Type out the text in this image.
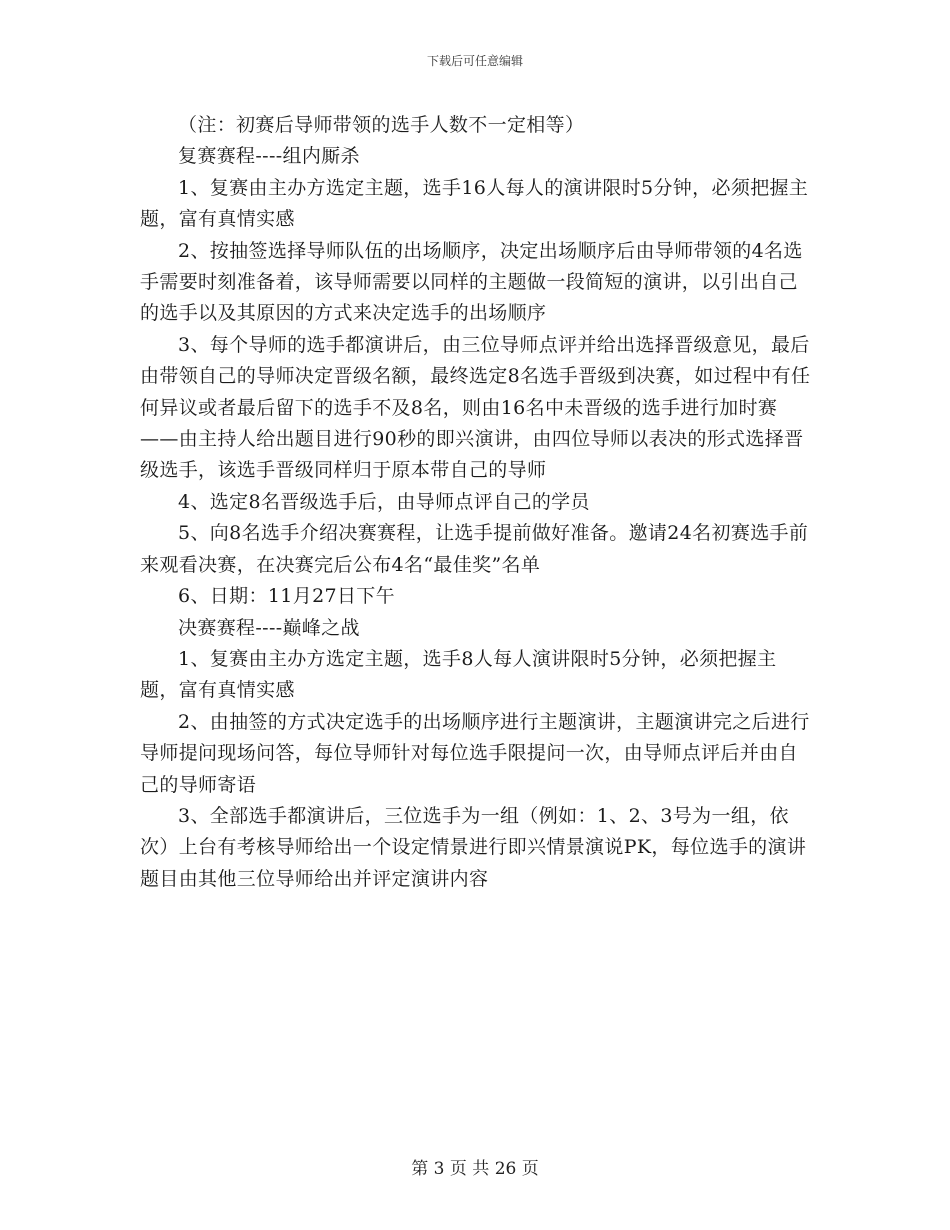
下载后可任意编辑

（注：初赛后导师带领的选手人数不一定相等）

复赛赛程----组内厮杀

1、复赛由主办方选定主题，选手16人每人的演讲限时5分钟，必须把握主题，富有真情实感

2、按抽签选择导师队伍的出场顺序，决定出场顺序后由导师带领的4名选手需要时刻准备着，该导师需要以同样的主题做一段简短的演讲，以引出自己的选手以及其原因的方式来决定选手的出场顺序

3、每个导师的选手都演讲后，由三位导师点评并给出选择晋级意见，最后由带领自己的导师决定晋级名额，最终选定8名选手晋级到决赛，如过程中有任何异议或者最后留下的选手不及8名，则由16名中未晋级的选手进行加时赛——由主持人给出题目进行90秒的即兴演讲，由四位导师以表决的形式选择晋级选手，该选手晋级同样归于原本带自己的导师

4、选定8名晋级选手后，由导师点评自己的学员

5、向8名选手介绍决赛赛程，让选手提前做好准备。邀请24名初赛选手前来观看决赛，在决赛完后公布4名“最佳奖”名单

6、日期：11月27日下午

决赛赛程----巅峰之战

1、复赛由主办方选定主题，选手8人每人演讲限时5分钟，必须把握主题，富有真情实感

2、由抽签的方式决定选手的出场顺序进行主题演讲，主题演讲完之后进行导师提问现场问答，每位导师针对每位选手限提问一次，由导师点评后并由自己的导师寄语

3、全部选手都演讲后，三位选手为一组（例如：1、2、3号为一组，依次）上台有考核导师给出一个设定情景进行即兴情景演说PK，每位选手的演讲题目由其他三位导师给出并评定演讲内容

第 3 页 共 26 页
